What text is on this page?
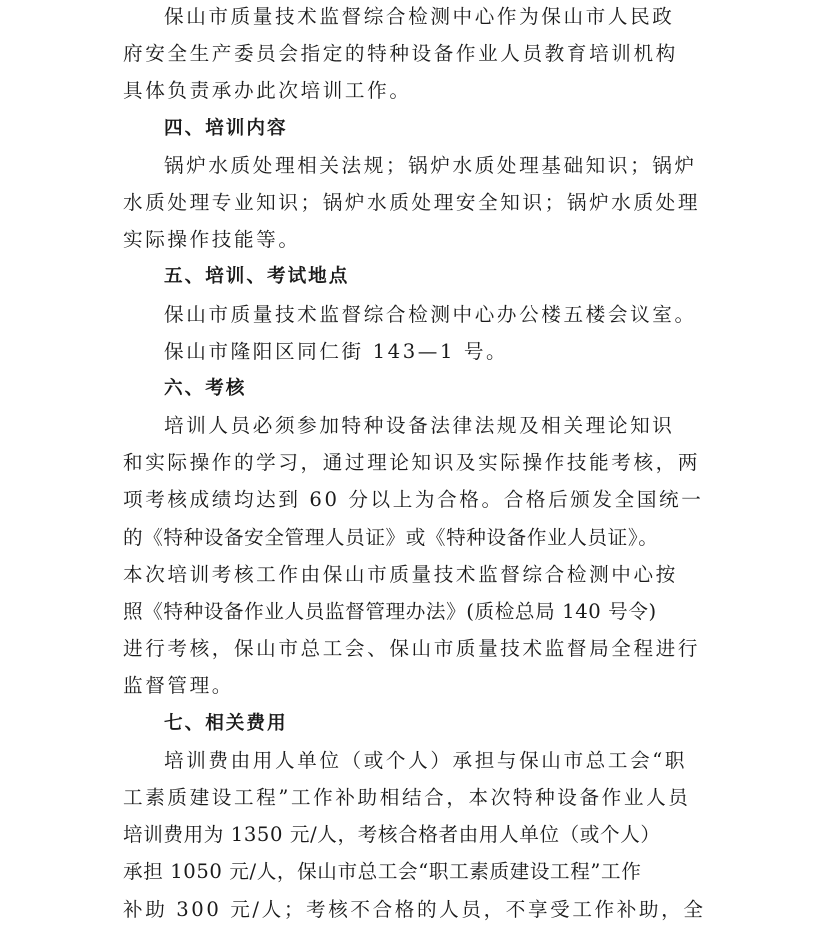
保山市质量技术监督综合检测中心作为保山市人民政
府安全生产委员会指定的特种设备作业人员教育培训机构
具体负责承办此次培训工作。
四、培训内容
锅炉水质处理相关法规；锅炉水质处理基础知识；锅炉
水质处理专业知识；锅炉水质处理安全知识；锅炉水质处理
实际操作技能等。
五、培训、考试地点
保山市质量技术监督综合检测中心办公楼五楼会议室。
保山市隆阳区同仁街 143—1 号。
六、考核
培训人员必须参加特种设备法律法规及相关理论知识
和实际操作的学习，通过理论知识及实际操作技能考核，两
项考核成绩均达到 60 分以上为合格。合格后颁发全国统一
的《特种设备安全管理人员证》或《特种设备作业人员证》。
本次培训考核工作由保山市质量技术监督综合检测中心按
照《特种设备作业人员监督管理办法》(质检总局 140 号令)
进行考核，保山市总工会、保山市质量技术监督局全程进行
监督管理。
七、相关费用
培训费由用人单位（或个人）承担与保山市总工会“职
工素质建设工程”工作补助相结合，本次特种设备作业人员
培训费用为 1350 元/人，考核合格者由用人单位（或个人）
承担 1050 元/人，保山市总工会“职工素质建设工程”工作
补助 300 元/人；考核不合格的人员，不享受工作补助，全
